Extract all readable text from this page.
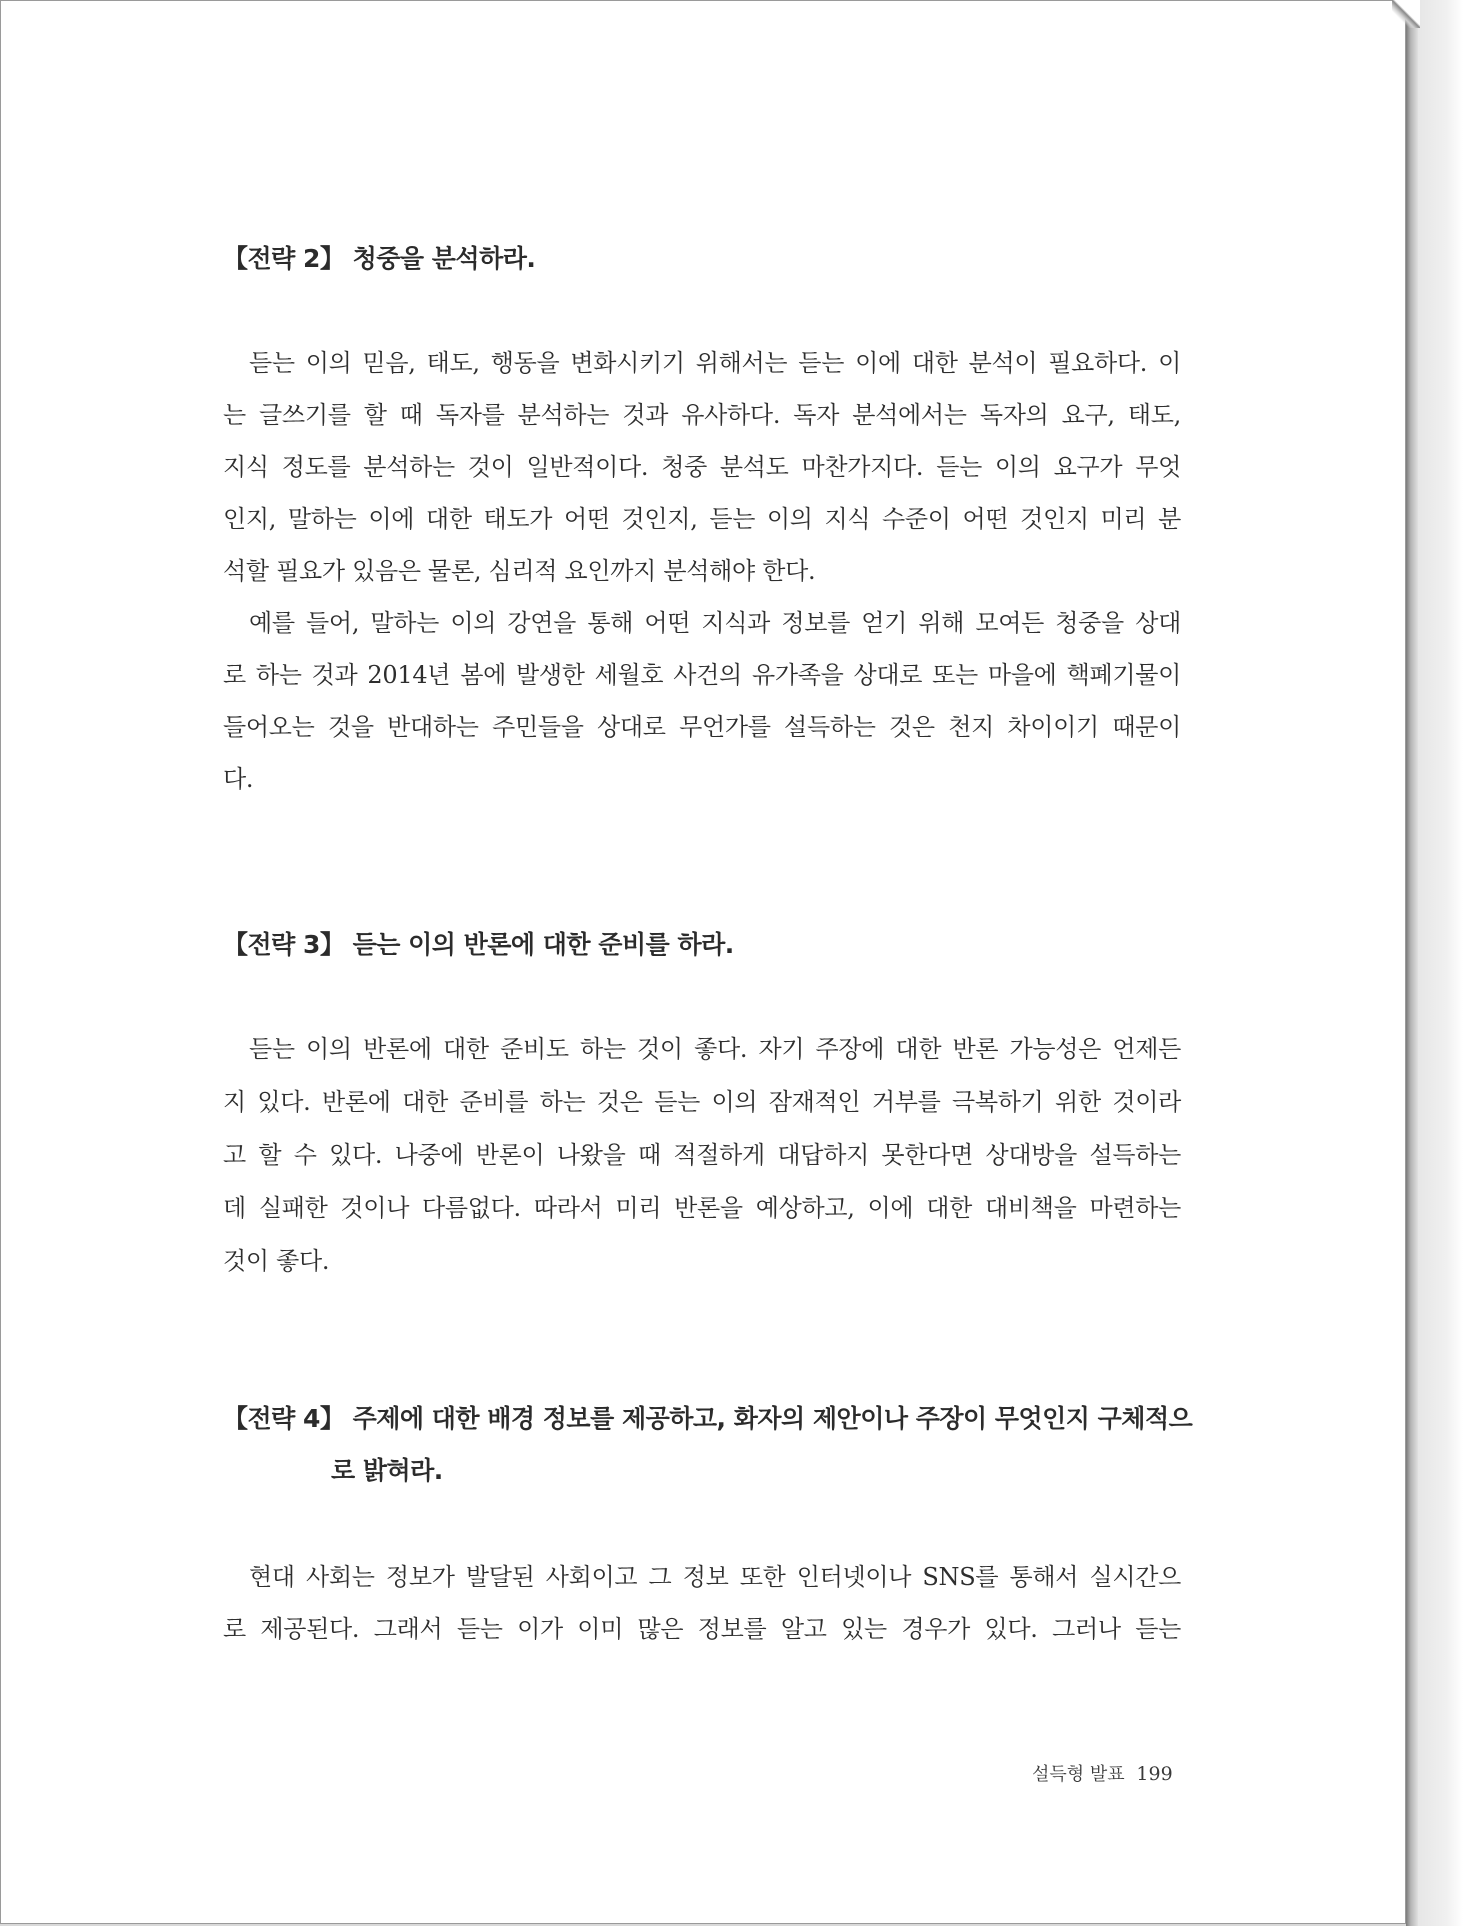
【전략 2】 청중을 분석하라.
듣는 이의 믿음, 태도, 행동을 변화시키기 위해서는 듣는 이에 대한 분석이 필요하다. 이
는 글쓰기를 할 때 독자를 분석하는 것과 유사하다. 독자 분석에서는 독자의 요구, 태도,
지식 정도를 분석하는 것이 일반적이다. 청중 분석도 마찬가지다. 듣는 이의 요구가 무엇
인지, 말하는 이에 대한 태도가 어떤 것인지, 듣는 이의 지식 수준이 어떤 것인지 미리 분
석할 필요가 있음은 물론, 심리적 요인까지 분석해야 한다.
예를 들어, 말하는 이의 강연을 통해 어떤 지식과 정보를 얻기 위해 모여든 청중을 상대
로 하는 것과 2014년 봄에 발생한 세월호 사건의 유가족을 상대로 또는 마을에 핵폐기물이
들어오는 것을 반대하는 주민들을 상대로 무언가를 설득하는 것은 천지 차이이기 때문이
다.
【전략 3】 듣는 이의 반론에 대한 준비를 하라.
듣는 이의 반론에 대한 준비도 하는 것이 좋다. 자기 주장에 대한 반론 가능성은 언제든
지 있다. 반론에 대한 준비를 하는 것은 듣는 이의 잠재적인 거부를 극복하기 위한 것이라
고 할 수 있다. 나중에 반론이 나왔을 때 적절하게 대답하지 못한다면 상대방을 설득하는
데 실패한 것이나 다름없다. 따라서 미리 반론을 예상하고, 이에 대한 대비책을 마련하는
것이 좋다.
【전략 4】 주제에 대한 배경 정보를 제공하고, 화자의 제안이나 주장이 무엇인지 구체적으
로 밝혀라.
현대 사회는 정보가 발달된 사회이고 그 정보 또한 인터넷이나 SNS를 통해서 실시간으
로 제공된다. 그래서 듣는 이가 이미 많은 정보를 알고 있는 경우가 있다. 그러나 듣는
설득형 발표 199
